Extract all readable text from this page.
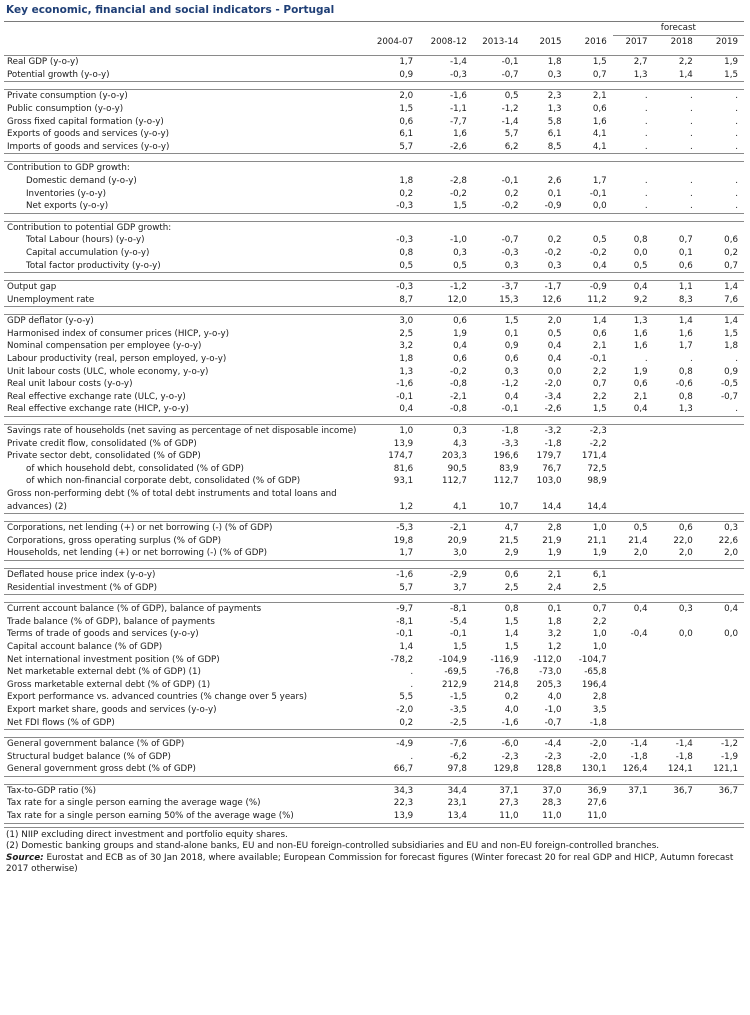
Key economic, financial and social indicators - Portugal
						forecast		
	2004-07	2008-12	2013-14	2015	2016	2017	2018	2019

Real GDP (y-o-y)	1,7	-1,4	-0,1	1,8	1,5	2,7	2,2	1,9
Potential growth (y-o-y)	0,9	-0,3	-0,7	0,3	0,7	1,3	1,4	1,5

Private consumption (y-o-y)	2,0	-1,6	0,5	2,3	2,1	.	.	.
Public consumption (y-o-y)	1,5	-1,1	-1,2	1,3	0,6	.	.	.
Gross fixed capital formation (y-o-y)	0,6	-7,7	-1,4	5,8	1,6	.	.	.
Exports of goods and services (y-o-y)	6,1	1,6	5,7	6,1	4,1	.	.	.
Imports of goods and services (y-o-y)	5,7	-2,6	6,2	8,5	4,1	.	.	.

Contribution to GDP growth:								
Domestic demand (y-o-y)	1,8	-2,8	-0,1	2,6	1,7	.	.	.
Inventories (y-o-y)	0,2	-0,2	0,2	0,1	-0,1	.	.	.
Net exports (y-o-y)	-0,3	1,5	-0,2	-0,9	0,0	.	.	.

Contribution to potential GDP growth:								
Total Labour (hours) (y-o-y)	-0,3	-1,0	-0,7	0,2	0,5	0,8	0,7	0,6
Capital accumulation (y-o-y)	0,8	0,3	-0,3	-0,2	-0,2	0,0	0,1	0,2
Total factor productivity (y-o-y)	0,5	0,5	0,3	0,3	0,4	0,5	0,6	0,7

Output gap	-0,3	-1,2	-3,7	-1,7	-0,9	0,4	1,1	1,4
Unemployment rate	8,7	12,0	15,3	12,6	11,2	9,2	8,3	7,6

GDP deflator (y-o-y)	3,0	0,6	1,5	2,0	1,4	1,3	1,4	1,4
Harmonised index of consumer prices (HICP, y-o-y)	2,5	1,9	0,1	0,5	0,6	1,6	1,6	1,5
Nominal compensation per employee (y-o-y)	3,2	0,4	0,9	0,4	2,1	1,6	1,7	1,8
Labour productivity (real, person employed, y-o-y)	1,8	0,6	0,6	0,4	-0,1	.	.	.
Unit labour costs (ULC, whole economy, y-o-y)	1,3	-0,2	0,3	0,0	2,2	1,9	0,8	0,9
Real unit labour costs (y-o-y)	-1,6	-0,8	-1,2	-2,0	0,7	0,6	-0,6	-0,5
Real effective exchange rate (ULC, y-o-y)	-0,1	-2,1	0,4	-3,4	2,2	2,1	0,8	-0,7
Real effective exchange rate (HICP, y-o-y)	0,4	-0,8	-0,1	-2,6	1,5	0,4	1,3	.

Savings rate of households (net saving as percentage of net disposable income)	1,0	0,3	-1,8	-3,2	-2,3			
Private credit flow, consolidated (% of GDP)	13,9	4,3	-3,3	-1,8	-2,2			
Private sector debt, consolidated (% of GDP)	174,7	203,3	196,6	179,7	171,4			
of which household debt, consolidated (% of GDP)	81,6	90,5	83,9	76,7	72,5			
of which non-financial corporate debt, consolidated (% of GDP)	93,1	112,7	112,7	103,0	98,9			
Gross non-performing debt (% of total debt instruments and total loans and advances) (2)	1,2	4,1	10,7	14,4	14,4			

Corporations, net lending (+) or net borrowing (-) (% of GDP)	-5,3	-2,1	4,7	2,8	1,0	0,5	0,6	0,3
Corporations, gross operating surplus (% of GDP)	19,8	20,9	21,5	21,9	21,1	21,4	22,0	22,6
Households, net lending (+) or net borrowing (-) (% of GDP)	1,7	3,0	2,9	1,9	1,9	2,0	2,0	2,0

Deflated house price index (y-o-y)	-1,6	-2,9	0,6	2,1	6,1			
Residential investment (% of GDP)	5,7	3,7	2,5	2,4	2,5			

Current account balance (% of GDP), balance of payments	-9,7	-8,1	0,8	0,1	0,7	0,4	0,3	0,4
Trade balance (% of GDP), balance of payments	-8,1	-5,4	1,5	1,8	2,2			
Terms of trade of goods and services (y-o-y)	-0,1	-0,1	1,4	3,2	1,0	-0,4	0,0	0,0
Capital account balance (% of GDP)	1,4	1,5	1,5	1,2	1,0			
Net international investment position (% of GDP)	-78,2	-104,9	-116,9	-112,0	-104,7			
Net marketable external debt (% of GDP) (1)	.	-69,5	-76,8	-73,0	-65,8			
Gross marketable external debt (% of GDP) (1)	.	212,9	214,8	205,3	196,4			
Export performance vs. advanced countries (% change over 5 years)	5,5	-1,5	0,2	4,0	2,8			
Export market share, goods and services (y-o-y)	-2,0	-3,5	4,0	-1,0	3,5			
Net FDI flows (% of GDP)	0,2	-2,5	-1,6	-0,7	-1,8			

General government balance (% of GDP)	-4,9	-7,6	-6,0	-4,4	-2,0	-1,4	-1,4	-1,2
Structural budget balance (% of GDP)	.	-6,2	-2,3	-2,3	-2,0	-1,8	-1,8	-1,9
General government gross debt (% of GDP)	66,7	97,8	129,8	128,8	130,1	126,4	124,1	121,1

Tax-to-GDP ratio (%)	34,3	34,4	37,1	37,0	36,9	37,1	36,7	36,7
Tax rate for a single person earning the average wage (%)	22,3	23,1	27,3	28,3	27,6			
Tax rate for a single person earning 50% of the average wage (%)	13,9	13,4	11,0	11,0	11,0			
(1) NIIP excluding direct investment and portfolio equity shares.
(2) Domestic banking groups and stand-alone banks, EU and non-EU foreign-controlled subsidiaries and EU and non-EU foreign-controlled branches.
Source: Eurostat and ECB as of 30 Jan 2018, where available; European Commission for forecast figures (Winter forecast 20 for real GDP and HICP, Autumn forecast 2017 otherwise)
